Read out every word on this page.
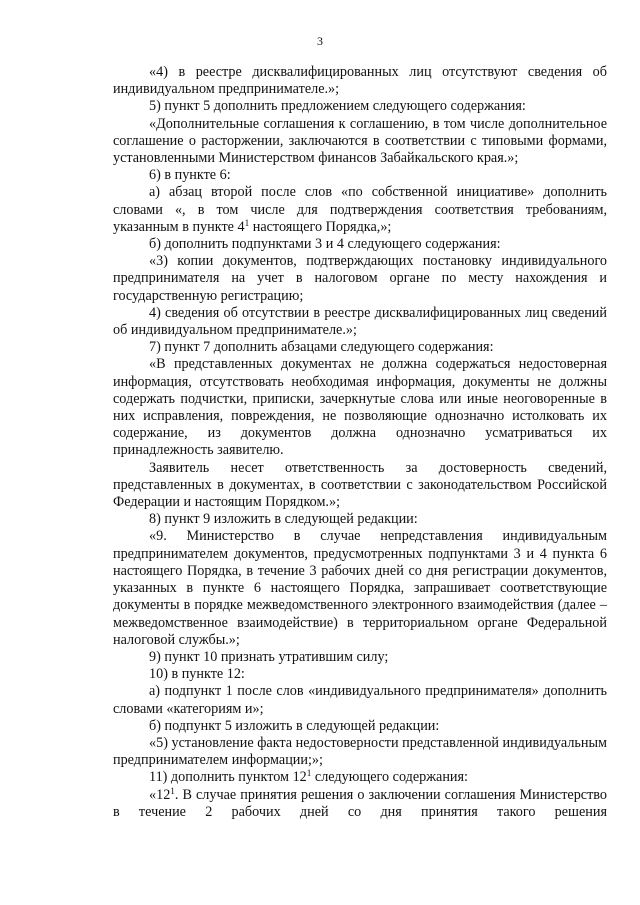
3

«4) в реестре дисквалифицированных лиц отсутствуют сведения об индивидуальном предпринимателе.»;

5) пункт 5 дополнить предложением следующего содержания:

«Дополнительные соглашения к соглашению, в том числе дополнительное соглашение о расторжении, заключаются в соответствии с типовыми формами, установленными Министерством финансов Забайкальского края.»;

6) в пункте 6:

а) абзац второй после слов «по собственной инициативе» дополнить словами «, в том числе для подтверждения соответствия требованиям, указанным в пункте $4^1$ настоящего Порядка,»;

б) дополнить подпунктами 3 и 4 следующего содержания:

«3) копии документов, подтверждающих постановку индивидуального предпринимателя на учет в налоговом органе по месту нахождения и государственную регистрацию;

4) сведения об отсутствии в реестре дисквалифицированных лиц сведений об индивидуальном предпринимателе.»;

7) пункт 7 дополнить абзацами следующего содержания:

«В представленных документах не должна содержаться недостоверная информация, отсутствовать необходимая информация, документы не должны содержать подчистки, приписки, зачеркнутые слова или иные неоговоренные в них исправления, повреждения, не позволяющие однозначно истолковать их содержание, из документов должна однозначно усматриваться их принадлежность заявителю.

Заявитель несет ответственность за достоверность сведений, представленных в документах, в соответствии с законодательством Российской Федерации и настоящим Порядком.»;

8) пункт 9 изложить в следующей редакции:

«9. Министерство в случае непредставления индивидуальным предпринимателем документов, предусмотренных подпунктами 3 и 4 пункта 6 настоящего Порядка, в течение 3 рабочих дней со дня регистрации документов, указанных в пункте 6 настоящего Порядка, запрашивает соответствующие документы в порядке межведомственного электронного взаимодействия (далее – межведомственное взаимодействие) в территориальном органе Федеральной налоговой службы.»;

9) пункт 10 признать утратившим силу;

10) в пункте 12:

а) подпункт 1 после слов «индивидуального предпринимателя» дополнить словами «категориям и»;

б) подпункт 5 изложить в следующей редакции:

«5) установление факта недостоверности представленной индивидуальным предпринимателем информации;»;

11) дополнить пунктом $12^1$ следующего содержания:

«$12^1$. В случае принятия решения о заключении соглашения Министерство в течение 2 рабочих дней со дня принятия такого решения
